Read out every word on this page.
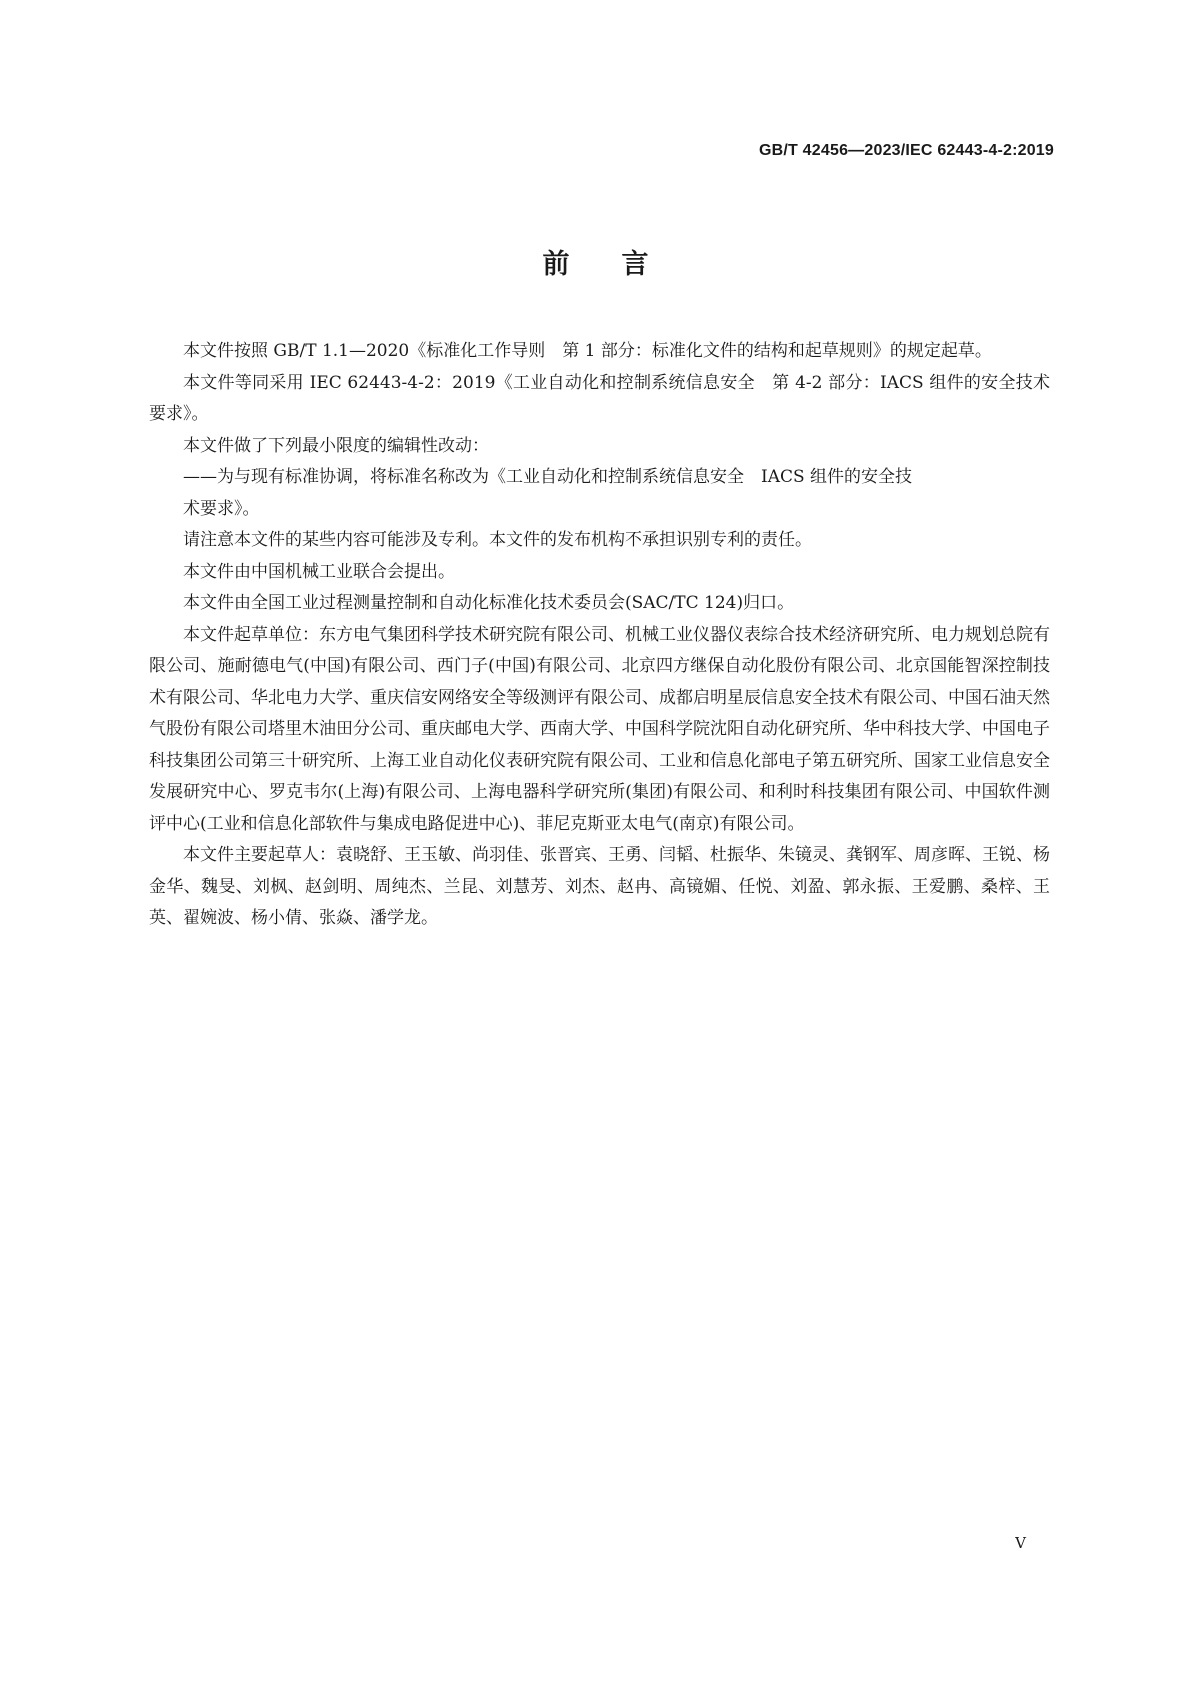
GB/T 42456—2023/IEC 62443-4-2:2019
前言

本文件按照 GB/T 1.1—2020《标准化工作导则　第 1 部分：标准化文件的结构和起草规则》的规定起草。

本文件等同采用 IEC 62443-4-2：2019《工业自动化和控制系统信息安全　第 4-2 部分：IACS 组件的安全技术要求》。

本文件做了下列最小限度的编辑性改动：

——为与现有标准协调，将标准名称改为《工业自动化和控制系统信息安全　IACS 组件的安全技

术要求》。

请注意本文件的某些内容可能涉及专利。本文件的发布机构不承担识别专利的责任。

本文件由中国机械工业联合会提出。

本文件由全国工业过程测量控制和自动化标准化技术委员会(SAC/TC 124)归口。

本文件起草单位：东方电气集团科学技术研究院有限公司、机械工业仪器仪表综合技术经济研究所、电力规划总院有限公司、施耐德电气(中国)有限公司、西门子(中国)有限公司、北京四方继保自动化股份有限公司、北京国能智深控制技术有限公司、华北电力大学、重庆信安网络安全等级测评有限公司、成都启明星辰信息安全技术有限公司、中国石油天然气股份有限公司塔里木油田分公司、重庆邮电大学、西南大学、中国科学院沈阳自动化研究所、华中科技大学、中国电子科技集团公司第三十研究所、上海工业自动化仪表研究院有限公司、工业和信息化部电子第五研究所、国家工业信息安全发展研究中心、罗克韦尔(上海)有限公司、上海电器科学研究所(集团)有限公司、和利时科技集团有限公司、中国软件测评中心(工业和信息化部软件与集成电路促进中心)、菲尼克斯亚太电气(南京)有限公司。

本文件主要起草人：袁晓舒、王玉敏、尚羽佳、张晋宾、王勇、闫韬、杜振华、朱镜灵、龚钢军、周彦晖、王锐、杨金华、魏旻、刘枫、赵剑明、周纯杰、兰昆、刘慧芳、刘杰、赵冉、高镜媚、任悦、刘盈、郭永振、王爱鹏、桑梓、王英、翟婉波、杨小倩、张焱、潘学龙。

V
